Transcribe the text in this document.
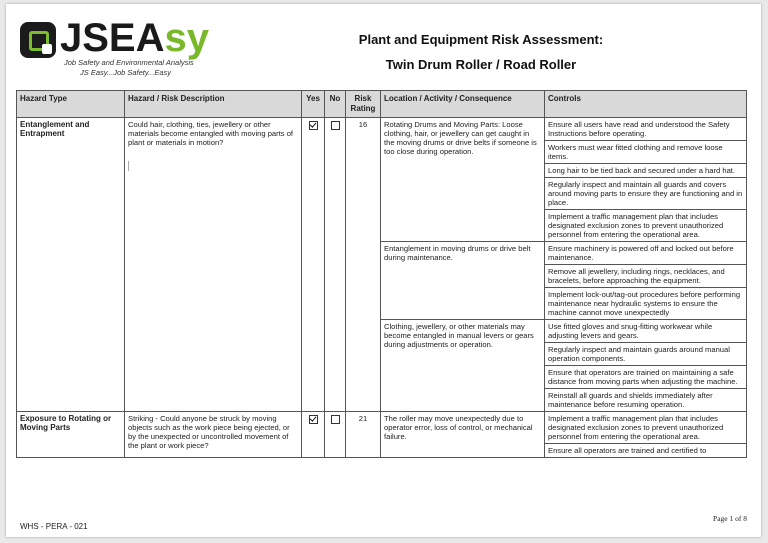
JSEAsy
Job Safety and Environmental Analysis
JS Easy...Job Safety...Easy
Plant and Equipment Risk Assessment:
Twin Drum Roller / Road Roller
Hazard Type	Hazard / Risk Description	Yes	No	Risk Rating	Location / Activity / Consequence	Controls
Entanglement and Entrapment	Could hair, clothing, ties, jewellery or other materials become entangled with moving parts of plant or materials in motion?			16	Rotating Drums and Moving Parts: Loose clothing, hair, or jewellery can get caught in the moving drums or drive belts if someone is too close during operation.	Ensure all users have read and understood the Safety Instructions before operating.
						Workers must wear fitted clothing and remove loose items.
						Long hair to be tied back and secured under a hard hat.
						Regularly inspect and maintain all guards and covers around moving parts to ensure they are functioning and in place.
						Implement a traffic management plan that includes designated exclusion zones to prevent unauthorized personnel from entering the operational area.
					Entanglement in moving drums or drive belt during maintenance.	Ensure machinery is powered off and locked out before maintenance.
						Remove all jewellery, including rings, necklaces, and bracelets, before approaching the equipment.
						Implement lock-out/tag-out procedures before performing maintenance near hydraulic systems to ensure the machine cannot move unexpectedly
					Clothing, jewellery, or other materials may become entangled in manual levers or gears during adjustments or operation.	Use fitted gloves and snug-fitting workwear while adjusting levers and gears.
						Regularly inspect and maintain guards around manual operation components.
						Ensure that operators are trained on maintaining a safe distance from moving parts when adjusting the machine.
						Reinstall all guards and shields immediately after maintenance before resuming operation.
Exposure to Rotating or Moving Parts	Striking - Could anyone be struck by moving objects such as the work piece being ejected, or by the unexpected or uncontrolled movement of the plant or work piece?			21	The roller may move unexpectedly due to operator error, loss of control, or mechanical failure.	Implement a traffic management plan that includes designated exclusion zones to prevent unauthorized personnel from entering the operational area.
						Ensure all operators are trained and certified to
WHS - PERA - 021
Page 1 of 8
